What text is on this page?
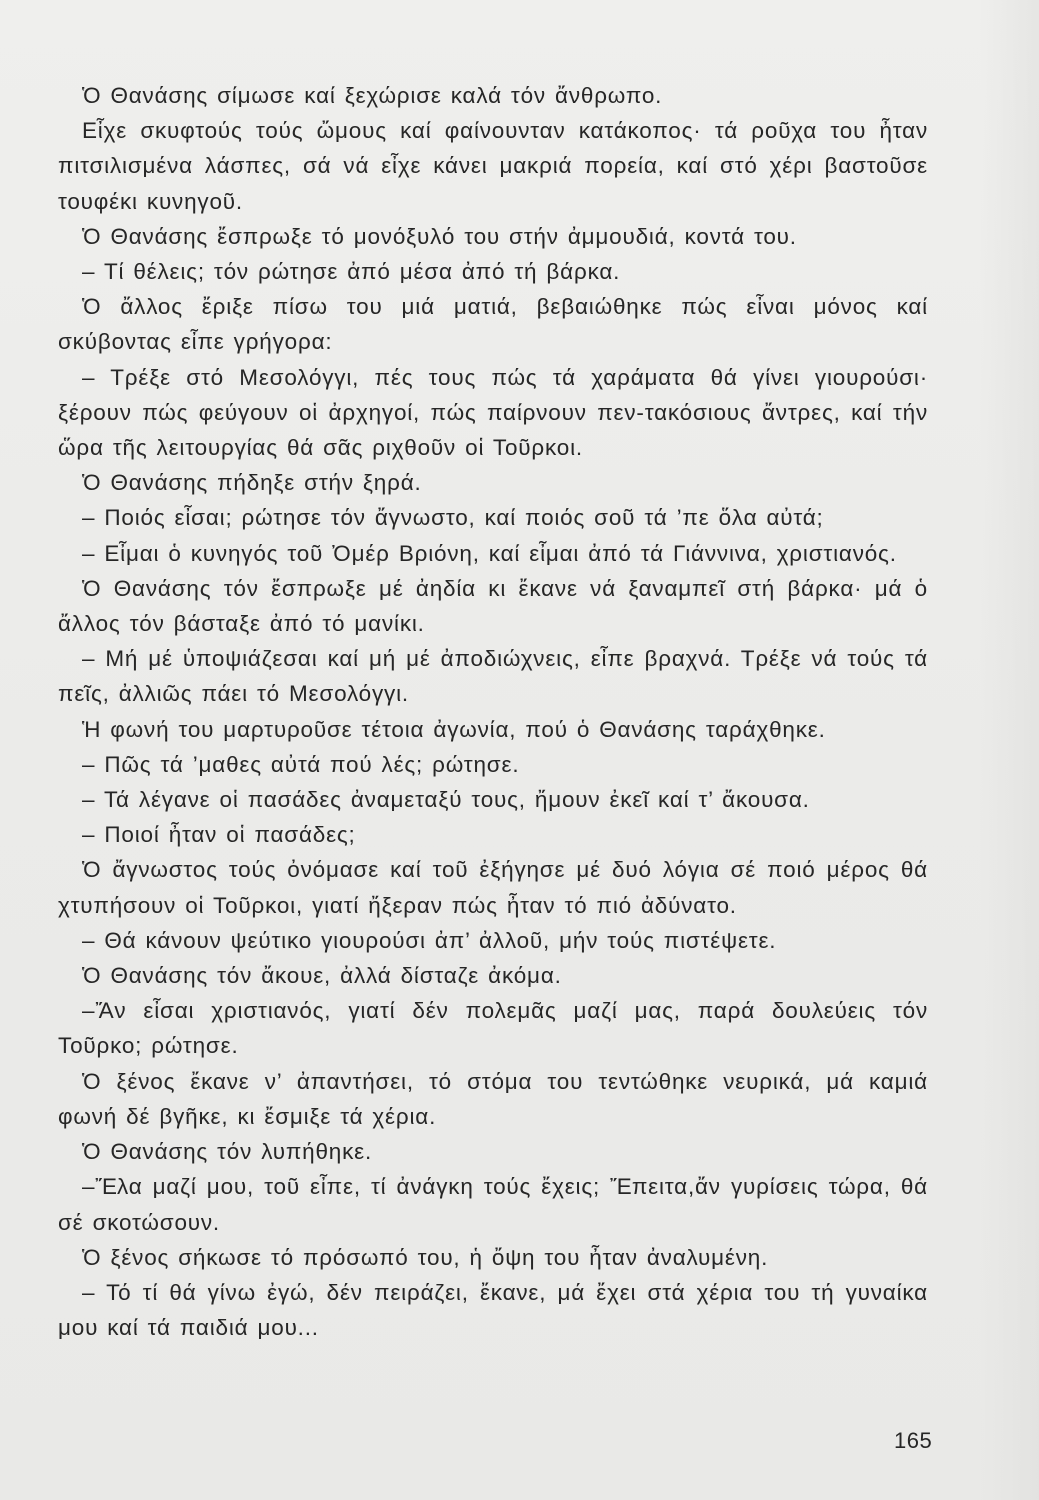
Ὁ Θανάσης σίμωσε καί ξεχώρισε καλά τόν ἄνθρωπο.

Εἶχε σκυφτούς τούς ὤμους καί φαίνουνταν κατάκοπος· τά ροῦχα του ἦταν πιτσιλισμένα λάσπες, σά νά εἶχε κάνει μακριά πορεία, καί στό χέρι βαστοῦσε τουφέκι κυνηγοῦ.

Ὁ Θανάσης ἔσπρωξε τό μονόξυλό του στήν ἀμμουδιά, κοντά του.

– Τί θέλεις; τόν ρώτησε ἀπό μέσα ἀπό τή βάρκα.

Ὁ ἄλλος ἔριξε πίσω του μιά ματιά, βεβαιώθηκε πώς εἶναι μόνος καί σκύβοντας εἶπε γρήγορα:

– Τρέξε στό Μεσολόγγι, πές τους πώς τά χαράματα θά γίνει γιουρούσι· ξέρουν πώς φεύγουν οἱ ἀρχηγοί, πώς παίρνουν πεν-τακόσιους ἄντρες, καί τήν ὥρα τῆς λειτουργίας θά σᾶς ριχθοῦν οἱ Τοῦρκοι.

Ὁ Θανάσης πήδηξε στήν ξηρά.

– Ποιός εἶσαι; ρώτησε τόν ἄγνωστο, καί ποιός σοῦ τά ’πε ὅλα αὐτά;

– Εἶμαι ὁ κυνηγός τοῦ Ὀμέρ Βριόνη, καί εἶμαι ἀπό τά Γιάννινα, χριστιανός.

Ὁ Θανάσης τόν ἔσπρωξε μέ ἀηδία κι ἔκανε νά ξαναμπεῖ στή βάρκα· μά ὁ ἄλλος τόν βάσταξε ἀπό τό μανίκι.

– Μή μέ ὑποψιάζεσαι καί μή μέ ἀποδιώχνεις, εἶπε βραχνά. Τρέξε νά τούς τά πεῖς, ἀλλιῶς πάει τό Μεσολόγγι.

Ἡ φωνή του μαρτυροῦσε τέτοια ἀγωνία, πού ὁ Θανάσης ταράχθηκε.

– Πῶς τά ’μαθες αὐτά πού λές; ρώτησε.

– Τά λέγανε οἱ πασάδες ἀναμεταξύ τους, ἤμουν ἐκεῖ καί τ’ ἄκουσα.

– Ποιοί ἦταν οἱ πασάδες;

Ὁ ἄγνωστος τούς ὀνόμασε καί τοῦ ἐξήγησε μέ δυό λόγια σέ ποιό μέρος θά χτυπήσουν οἱ Τοῦρκοι, γιατί ἤξεραν πώς ἦταν τό πιό ἀδύνατο.

– Θά κάνουν ψεύτικο γιουρούσι ἀπ’ ἀλλοῦ, μήν τούς πιστέψετε.

Ὁ Θανάσης τόν ἄκουε, ἀλλά δίσταζε ἀκόμα.

–Ἄν εἶσαι χριστιανός, γιατί δέν πολεμᾶς μαζί μας, παρά δουλεύεις τόν Τοῦρκο; ρώτησε.

Ὁ ξένος ἔκανε ν’ ἀπαντήσει, τό στόμα του τεντώθηκε νευρικά, μά καμιά φωνή δέ βγῆκε, κι ἔσμιξε τά χέρια.

Ὁ Θανάσης τόν λυπήθηκε.

–Ἔλα μαζί μου, τοῦ εἶπε, τί ἀνάγκη τούς ἔχεις; Ἔπειτα,ἄν γυρίσεις τώρα, θά σέ σκοτώσουν.

Ὁ ξένος σήκωσε τό πρόσωπό του, ἡ ὄψη του ἦταν ἀναλυμένη.

– Τό τί θά γίνω ἐγώ, δέν πειράζει, ἔκανε, μά ἔχει στά χέρια του τή γυναίκα μου καί τά παιδιά μου...

165
